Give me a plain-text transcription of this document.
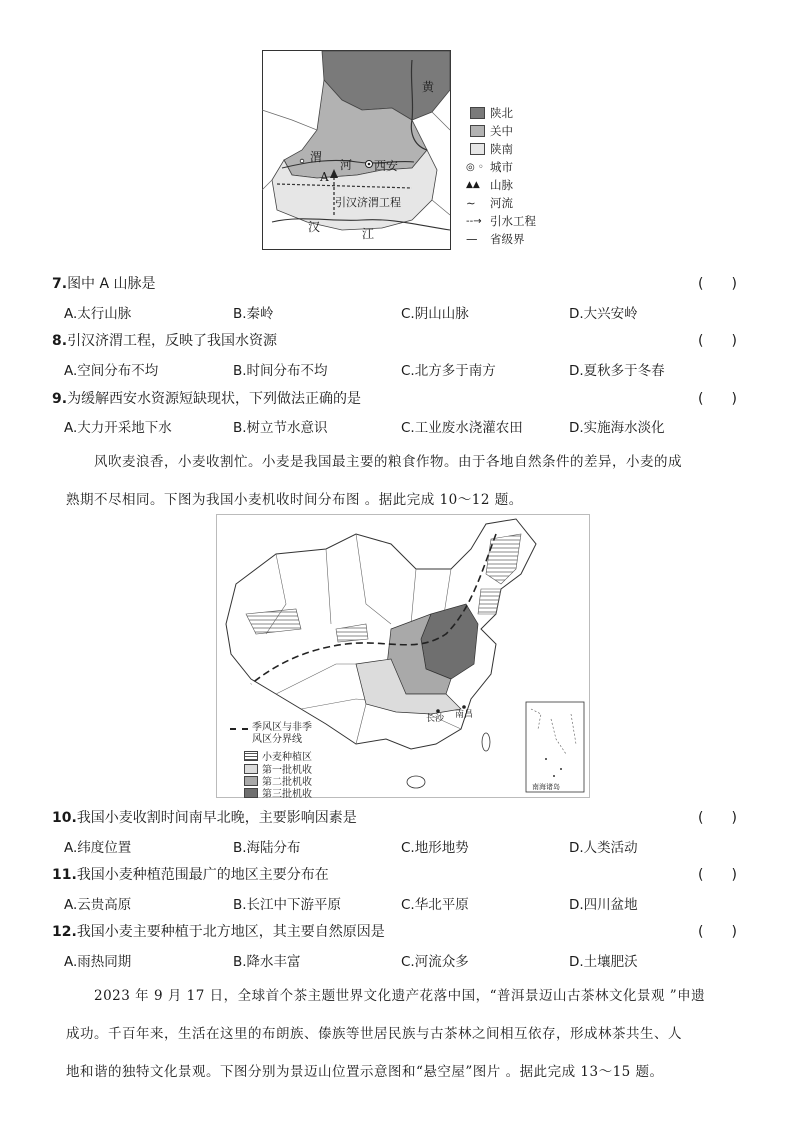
黄
渭
河 西安
A
引汉济渭工程
汉	江
陕北
关中
陕南
◎ ◦ 城市
▲▲ 山脉
∼	河流
--→ 引水工程
—	省级界
7.图中 A 山脉是	(　　)
A.太行山脉	B.秦岭	C.阴山山脉	D.大兴安岭
8.引汉济渭工程，反映了我国水资源	(　　)
A.空间分布不均	B.时间分布不均	C.北方多于南方	D.夏秋多于冬春
9.为缓解西安水资源短缺现状，下列做法正确的是	(　　)
A.大力开采地下水	B.树立节水意识	C.工业废水浇灌农田	D.实施海水淡化
风吹麦浪香，小麦收割忙。小麦是我国最主要的粮食作物。由于各地自然条件的差异，小麦的成
熟期不尽相同。下图为我国小麦机收时间分布图 。据此完成 10～12 题。
长沙 南昌
南海诸岛
季风区与非季
风区分界线
小麦种植区
第一批机收
第二批机收
第三批机收
10.我国小麦收割时间南早北晚，主要影响因素是	(　　)
A.纬度位置	B.海陆分布	C.地形地势	D.人类活动
11.我国小麦种植范围最广的地区主要分布在	(　　)
A.云贵高原	B.长江中下游平原	C.华北平原	D.四川盆地
12.我国小麦主要种植于北方地区，其主要自然原因是	(　　)
A.雨热同期	B.降水丰富	C.河流众多	D.土壤肥沃
2023 年 9 月 17 日，全球首个茶主题世界文化遗产花落中国，“普洱景迈山古茶林文化景观 ”申遗
成功。千百年来，生活在这里的布朗族、傣族等世居民族与古茶林之间相互依存，形成林茶共生、人
地和谐的独特文化景观。下图分别为景迈山位置示意图和“悬空屋”图片 。据此完成 13～15 题。
